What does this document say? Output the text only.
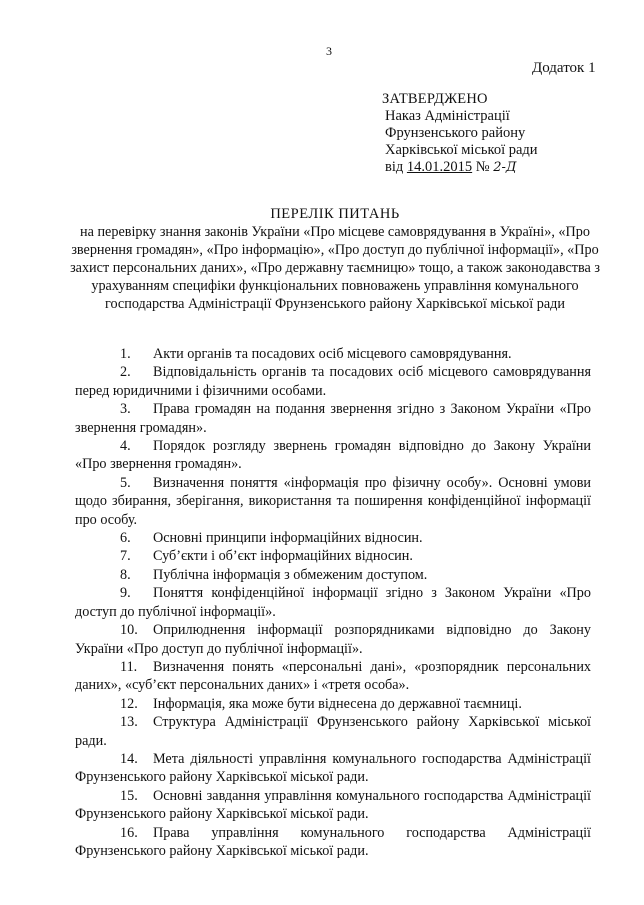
3
Додаток 1
ЗАТВЕРДЖЕНО
Наказ Адміністрації
Фрунзенського району
Харківської міської ради
від 14.01.2015 № 2-Д
ПЕРЕЛІК ПИТАНЬ
на перевірку знання законів України «Про місцеве самоврядування в Україні», «Про звернення громадян», «Про інформацію», «Про доступ до публічної інформації», «Про захист персональних даних», «Про державну таємницю» тощо, а також законодавства з урахуванням специфіки функціональних повноважень управління комунального господарства Адміністрації Фрунзенського району Харківської міської ради
1. Акти органів та посадових осіб місцевого самоврядування.
2. Відповідальність органів та посадових осіб місцевого самоврядування перед юридичними і фізичними особами.
3. Права громадян на подання звернення згідно з Законом України «Про звернення громадян».
4. Порядок розгляду звернень громадян відповідно до Закону України «Про звернення громадян».
5. Визначення поняття «інформація про фізичну особу». Основні умови щодо збирання, зберігання, використання та поширення конфіденційної інформації про особу.
6. Основні принципи інформаційних відносин.
7. Суб’єкти і об’єкт інформаційних відносин.
8. Публічна інформація з обмеженим доступом.
9. Поняття конфіденційної інформації згідно з Законом України «Про доступ до публічної інформації».
10. Оприлюднення інформації розпорядниками відповідно до Закону України «Про доступ до публічної інформації».
11. Визначення понять «персональні дані», «розпорядник персональних даних», «суб’єкт персональних даних» і «третя особа».
12. Інформація, яка може бути віднесена до державної таємниці.
13. Структура Адміністрації Фрунзенського району Харківської міської ради.
14. Мета діяльності управління комунального господарства Адміністрації Фрунзенського району Харківської міської ради.
15. Основні завдання управління комунального господарства Адміністрації Фрунзенського району Харківської міської ради.
16. Права управління комунального господарства Адміністрації Фрунзенського району Харківської міської ради.
